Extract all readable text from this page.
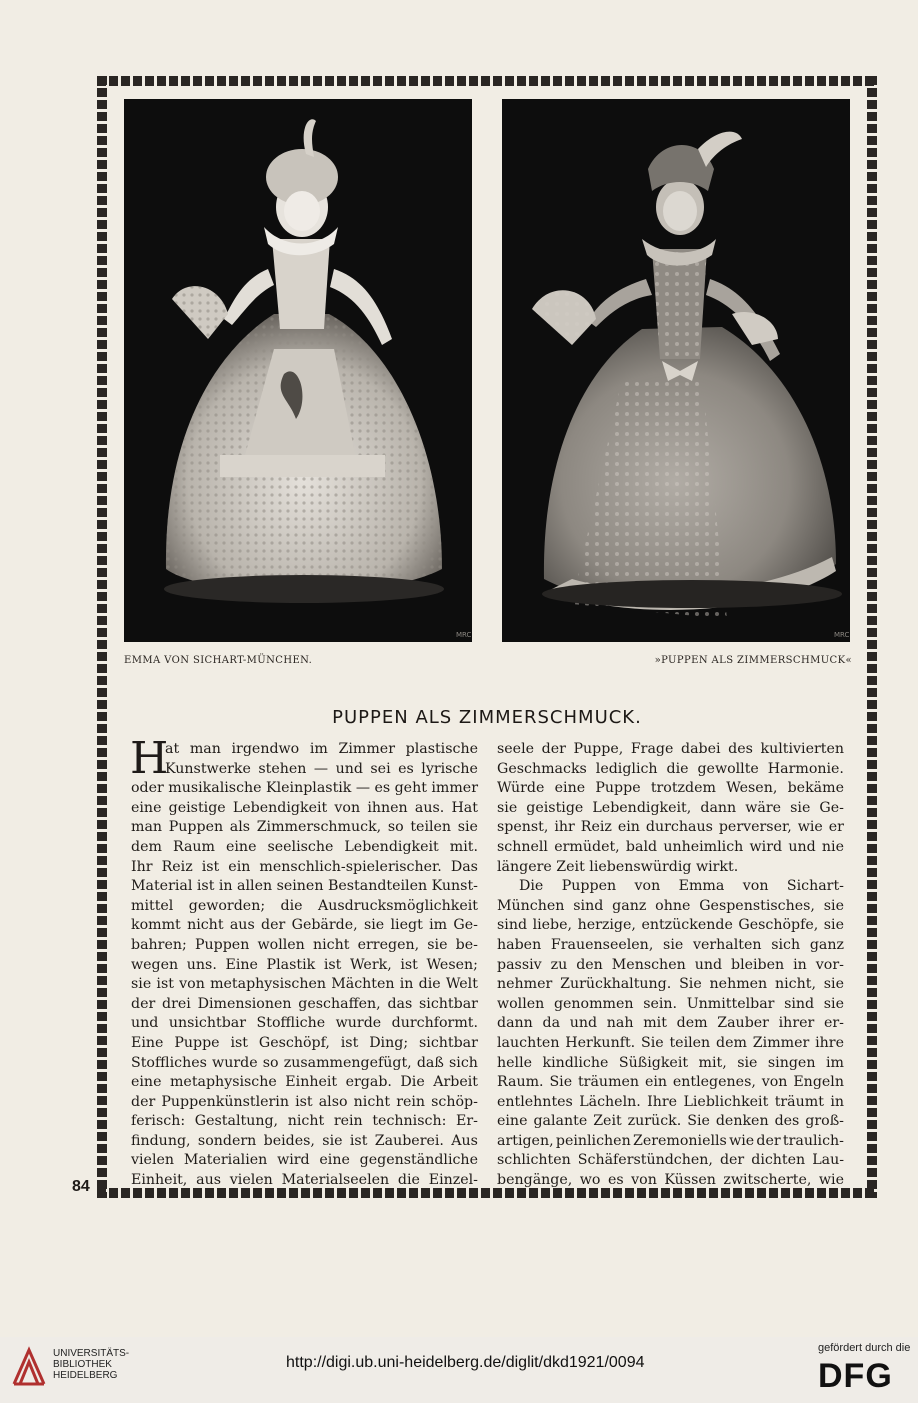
MRC	MRC
EMMA VON SICHART-MÜNCHEN.	»PUPPEN ALS ZIMMERSCHMUCK«
PUPPEN ALS ZIMMERSCHMUCK.
H
at man irgendwo im Zimmer plastische
Kunstwerke stehen — und sei es lyrische
oder musikalische Kleinplastik — es geht immer
eine geistige Lebendigkeit von ihnen aus. Hat
man Puppen als Zimmerschmuck, so teilen sie
dem Raum eine seelische Lebendigkeit mit.
Ihr Reiz ist ein menschlich-spielerischer. Das
Material ist in allen seinen Bestandteilen Kunst-
mittel geworden; die Ausdrucksmöglichkeit
kommt nicht aus der Gebärde, sie liegt im Ge-
bahren; Puppen wollen nicht erregen, sie be-
wegen uns. Eine Plastik ist Werk, ist Wesen;
sie ist von metaphysischen Mächten in die Welt
der drei Dimensionen geschaffen, das sichtbar
und unsichtbar Stoffliche wurde durchformt.
Eine Puppe ist Geschöpf, ist Ding; sichtbar
Stoffliches wurde so zusammengefügt, daß sich
eine metaphysische Einheit ergab. Die Arbeit
der Puppenkünstlerin ist also nicht rein schöp-
ferisch: Gestaltung, nicht rein technisch: Er-
findung, sondern beides, sie ist Zauberei. Aus
vielen Materialien wird eine gegenständliche
Einheit, aus vielen Materialseelen die Einzel-
seele der Puppe, Frage dabei des kultivierten
Geschmacks lediglich die gewollte Harmonie.
Würde eine Puppe trotzdem Wesen, bekäme
sie geistige Lebendigkeit, dann wäre sie Ge-
spenst, ihr Reiz ein durchaus perverser, wie er
schnell ermüdet, bald unheimlich wird und nie
längere Zeit liebenswürdig wirkt.
Die Puppen von Emma von Sichart-
München sind ganz ohne Gespenstisches, sie
sind liebe, herzige, entzückende Geschöpfe, sie
haben Frauenseelen, sie verhalten sich ganz
passiv zu den Menschen und bleiben in vor-
nehmer Zurückhaltung. Sie nehmen nicht, sie
wollen genommen sein. Unmittelbar sind sie
dann da und nah mit dem Zauber ihrer er-
lauchten Herkunft. Sie teilen dem Zimmer ihre
helle kindliche Süßigkeit mit, sie singen im
Raum. Sie träumen ein entlegenes, von Engeln
entlehntes Lächeln. Ihre Lieblichkeit träumt in
eine galante Zeit zurück. Sie denken des groß-
artigen, peinlichen Zeremoniells wie der traulich-
schlichten Schäferstündchen, der dichten Lau-
bengänge, wo es von Küssen zwitscherte, wie
84
UNIVERSITÄTS-
BIBLIOTHEK
HEIDELBERG
http://digi.ub.uni-heidelberg.de/diglit/dkd1921/0094
gefördert durch die
DFG
